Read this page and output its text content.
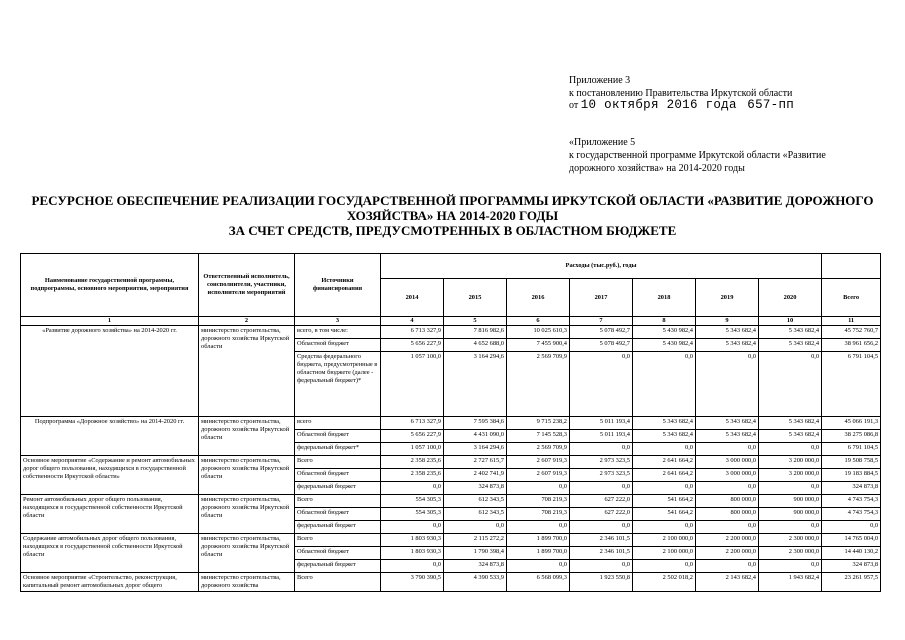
Приложение 3
к постановлению Правительства Иркутской области
от 10 октября 2016 года 657-пп
«Приложение 5
к государственной программе Иркутской области «Развитие
дорожного хозяйства» на 2014-2020 годы
РЕСУРСНОЕ ОБЕСПЕЧЕНИЕ РЕАЛИЗАЦИИ ГОСУДАРСТВЕННОЙ ПРОГРАММЫ ИРКУТСКОЙ ОБЛАСТИ «РАЗВИТИЕ ДОРОЖНОГО
ХОЗЯЙСТВА» НА 2014-2020 ГОДЫ
ЗА СЧЕТ СРЕДСТВ, ПРЕДУСМОТРЕННЫХ В ОБЛАСТНОМ БЮДЖЕТЕ
Наименование государственной программы, подпрограммы, основного мероприятия, мероприятия	Ответственный исполнитель, соисполнители, участники, исполнители мероприятий	Источники финансирования	Расходы (тыс.руб.), годы							
			2014	2015	2016	2017	2018	2019	2020	Всего
1	2	3	4	5	6	7	8	9	10	11
«Развитие дорожного хозяйства» на 2014-2020 гг.	министерство строительства, дорожного хозяйства Иркутской области	всего, в том числе:	6 713 327,9	7 816 982,6	10 025 610,3	5 078 492,7	5 430 982,4	5 343 682,4	5 343 682,4	45 752 760,7
		Областной бюджет	5 656 227,9	4 652 688,0	7 455 900,4	5 078 492,7	5 430 982,4	5 343 682,4	5 343 682,4	38 961 656,2
		Средства федерального бюджета, предусмотренные в областном бюджете (далее - федеральный бюджет)*	1 057 100,0	3 164 294,6	2 569 709,9	0,0	0,0	0,0	0,0	6 791 104,5
Подпрограмма «Дорожное хозяйство» на 2014-2020 гг.	министерство строительства, дорожного хозяйства Иркутской области	всего	6 713 327,9	7 595 384,6	9 715 238,2	5 011 193,4	5 343 682,4	5 343 682,4	5 343 682,4	45 066 191,3
		Областной бюджет	5 656 227,9	4 431 090,0	7 145 528,3	5 011 193,4	5 343 682,4	5 343 682,4	5 343 682,4	38 275 086,8
		федеральный бюджет*	1 057 100,0	3 164 294,6	2 569 709,9	0,0	0,0	0,0	0,0	6 791 104,5
Основное мероприятие «Содержание и ремонт автомобильных дорог общего пользования, находящихся в государственной собственности Иркутской области»	министерство строительства, дорожного хозяйства Иркутской области	Всего	2 358 235,6	2 727 615,7	2 607 919,3	2 973 323,5	2 641 664,2	3 000 000,0	3 200 000,0	19 508 758,5
		Областной бюджет	2 358 235,6	2 402 741,9	2 607 919,3	2 973 323,5	2 641 664,2	3 000 000,0	3 200 000,0	19 183 884,5
		федеральный бюджет	0,0	324 873,8	0,0	0,0	0,0	0,0	0,0	324 873,8
Ремонт автомобильных дорог общего пользования, находящихся в государственной собственности Иркутской области	министерство строительства, дорожного хозяйства Иркутской области	Всего	554 305,3	612 343,5	708 219,3	627 222,0	541 664,2	800 000,0	900 000,0	4 743 754,3
		Областной бюджет	554 305,3	612 343,5	708 219,3	627 222,0	541 664,2	800 000,0	900 000,0	4 743 754,3
		федеральный бюджет	0,0	0,0	0,0	0,0	0,0	0,0	0,0	0,0
Содержание автомобильных дорог общего пользования, находящихся в государственной собственности Иркутской области	министерство строительства, дорожного хозяйства Иркутской области	Всего	1 803 930,3	2 115 272,2	1 899 700,0	2 346 101,5	2 100 000,0	2 200 000,0	2 300 000,0	14 765 004,0
		Областной бюджет	1 803 930,3	1 790 398,4	1 899 700,0	2 346 101,5	2 100 000,0	2 200 000,0	2 300 000,0	14 440 130,2
		федеральный бюджет	0,0	324 873,8	0,0	0,0	0,0	0,0	0,0	324 873,8
Основное мероприятие «Строительство, реконструкция, капитальный ремонт автомобильных дорог общего	министерство строительства, дорожного хозяйства	Всего	3 790 390,5	4 390 533,9	6 568 099,3	1 923 550,8	2 502 018,2	2 143 682,4	1 943 682,4	23 261 957,5
